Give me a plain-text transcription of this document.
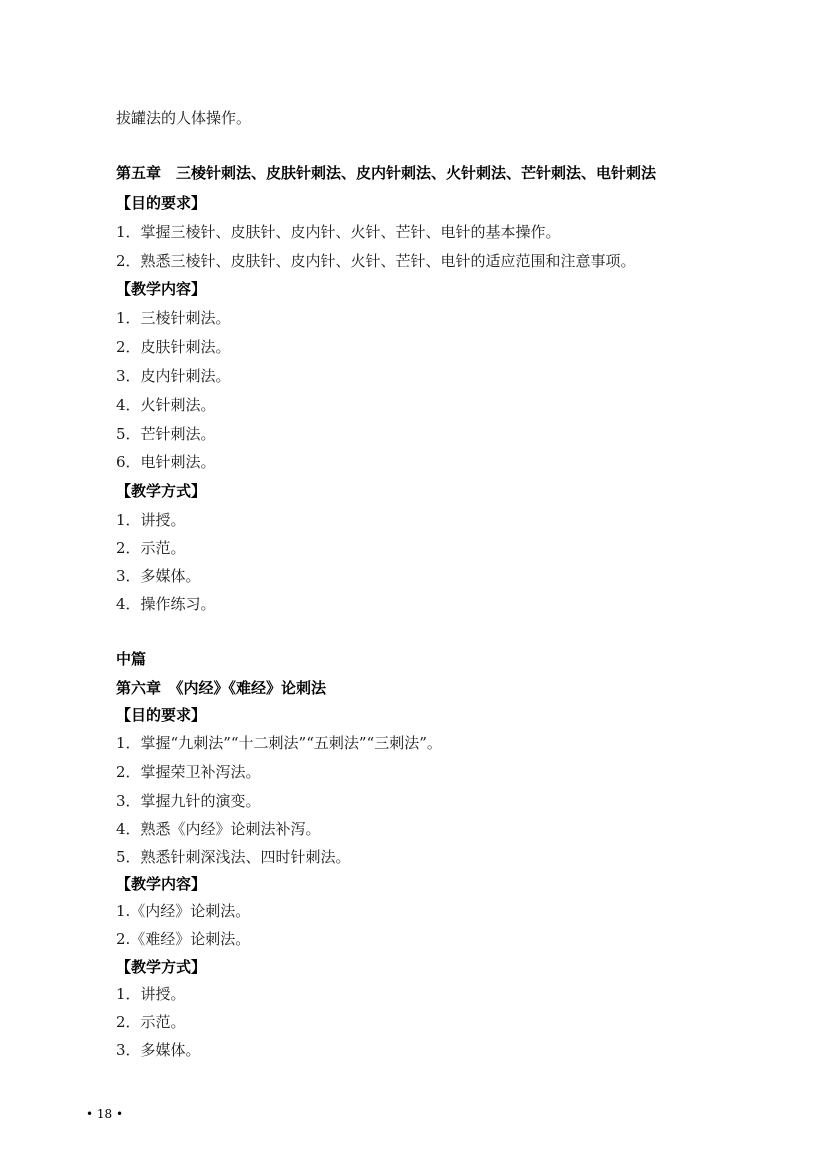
拔罐法的人体操作。
第五章　三棱针刺法、皮肤针刺法、皮内针刺法、火针刺法、芒针刺法、电针刺法
【目的要求】
1．掌握三棱针、皮肤针、皮内针、火针、芒针、电针的基本操作。
2．熟悉三棱针、皮肤针、皮内针、火针、芒针、电针的适应范围和注意事项。
【教学内容】
1．三棱针刺法。
2．皮肤针刺法。
3．皮内针刺法。
4．火针刺法。
5．芒针刺法。
6．电针刺法。
【教学方式】
1．讲授。
2．示范。
3．多媒体。
4．操作练习。
中篇
第六章　《内经》《难经》论刺法
【目的要求】
1．掌握“九刺法”“十二刺法”“五刺法”“三刺法”。
2．掌握荣卫补泻法。
3．掌握九针的演变。
4．熟悉《内经》论刺法补泻。
5．熟悉针刺深浅法、四时针刺法。
【教学内容】
1.《内经》论刺法。
2.《难经》论刺法。
【教学方式】
1．讲授。
2．示范。
3．多媒体。
• 18 •
